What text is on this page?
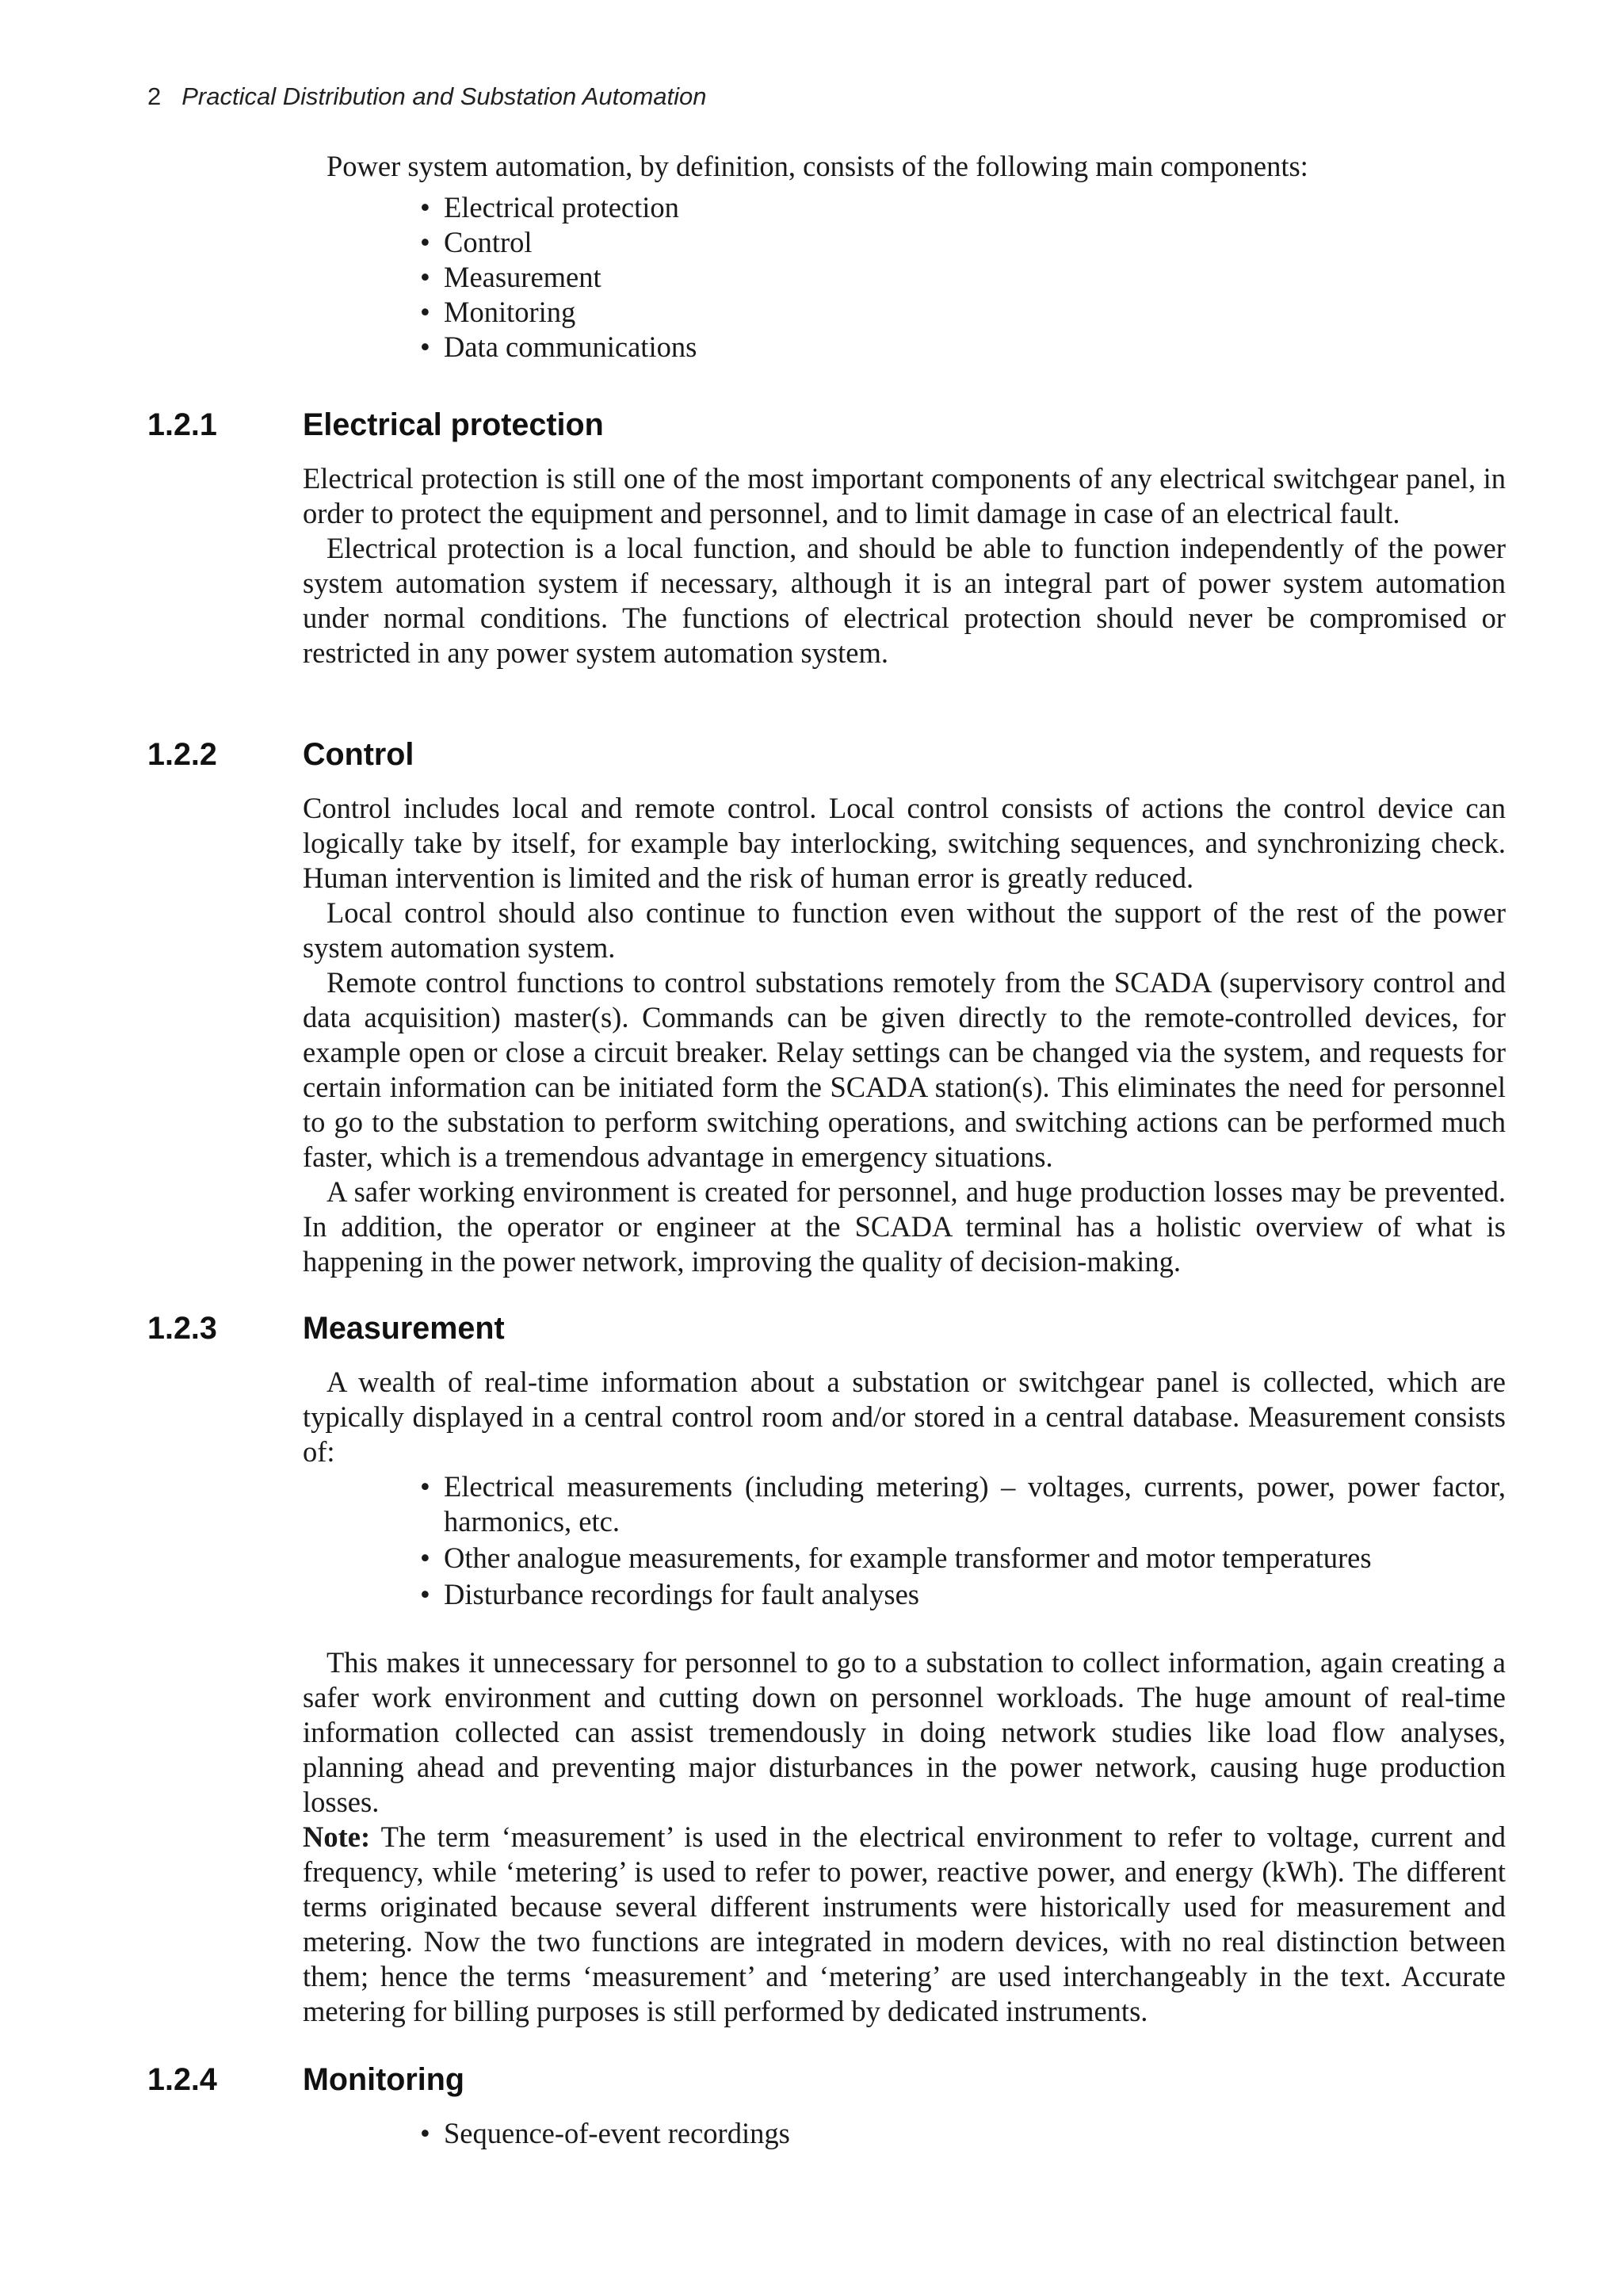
2 Practical Distribution and Substation Automation
Power system automation, by definition, consists of the following main components:
• Electrical protection
• Control
• Measurement
• Monitoring
• Data communications
1.2.1	Electrical protection

Electrical protection is still one of the most important components of any electrical switchgear panel, in order to protect the equipment and personnel, and to limit damage in case of an electrical fault.

Electrical protection is a local function, and should be able to function independently of the power system automation system if necessary, although it is an integral part of power system automation under normal conditions. The functions of electrical protection should never be compromised or restricted in any power system automation system.

1.2.2	Control

Control includes local and remote control. Local control consists of actions the control device can logically take by itself, for example bay interlocking, switching sequences, and synchronizing check. Human intervention is limited and the risk of human error is greatly reduced.

Local control should also continue to function even without the support of the rest of the power system automation system.

Remote control functions to control substations remotely from the SCADA (supervisory control and data acquisition) master(s). Commands can be given directly to the remote-controlled devices, for example open or close a circuit breaker. Relay settings can be changed via the system, and requests for certain information can be initiated form the SCADA station(s). This eliminates the need for personnel to go to the substation to perform switching operations, and switching actions can be performed much faster, which is a tremendous advantage in emergency situations.

A safer working environment is created for personnel, and huge production losses may be prevented. In addition, the operator or engineer at the SCADA terminal has a holistic overview of what is happening in the power network, improving the quality of decision-making.

1.2.3	Measurement

A wealth of real-time information about a substation or switchgear panel is collected, which are typically displayed in a central control room and/or stored in a central database. Measurement consists of:

• Electrical measurements (including metering) – voltages, currents, power, power factor, harmonics, etc.
• Other analogue measurements, for example transformer and motor temperatures
• Disturbance recordings for fault analyses

This makes it unnecessary for personnel to go to a substation to collect information, again creating a safer work environment and cutting down on personnel workloads. The huge amount of real-time information collected can assist tremendously in doing network studies like load flow analyses, planning ahead and preventing major disturbances in the power network, causing huge production losses.

Note: The term ‘measurement’ is used in the electrical environment to refer to voltage, current and frequency, while ‘metering’ is used to refer to power, reactive power, and energy (kWh). The different terms originated because several different instruments were historically used for measurement and metering. Now the two functions are integrated in modern devices, with no real distinction between them; hence the terms ‘measurement’ and ‘metering’ are used interchangeably in the text. Accurate metering for billing purposes is still performed by dedicated instruments.

1.2.4	Monitoring
• Sequence-of-event recordings
